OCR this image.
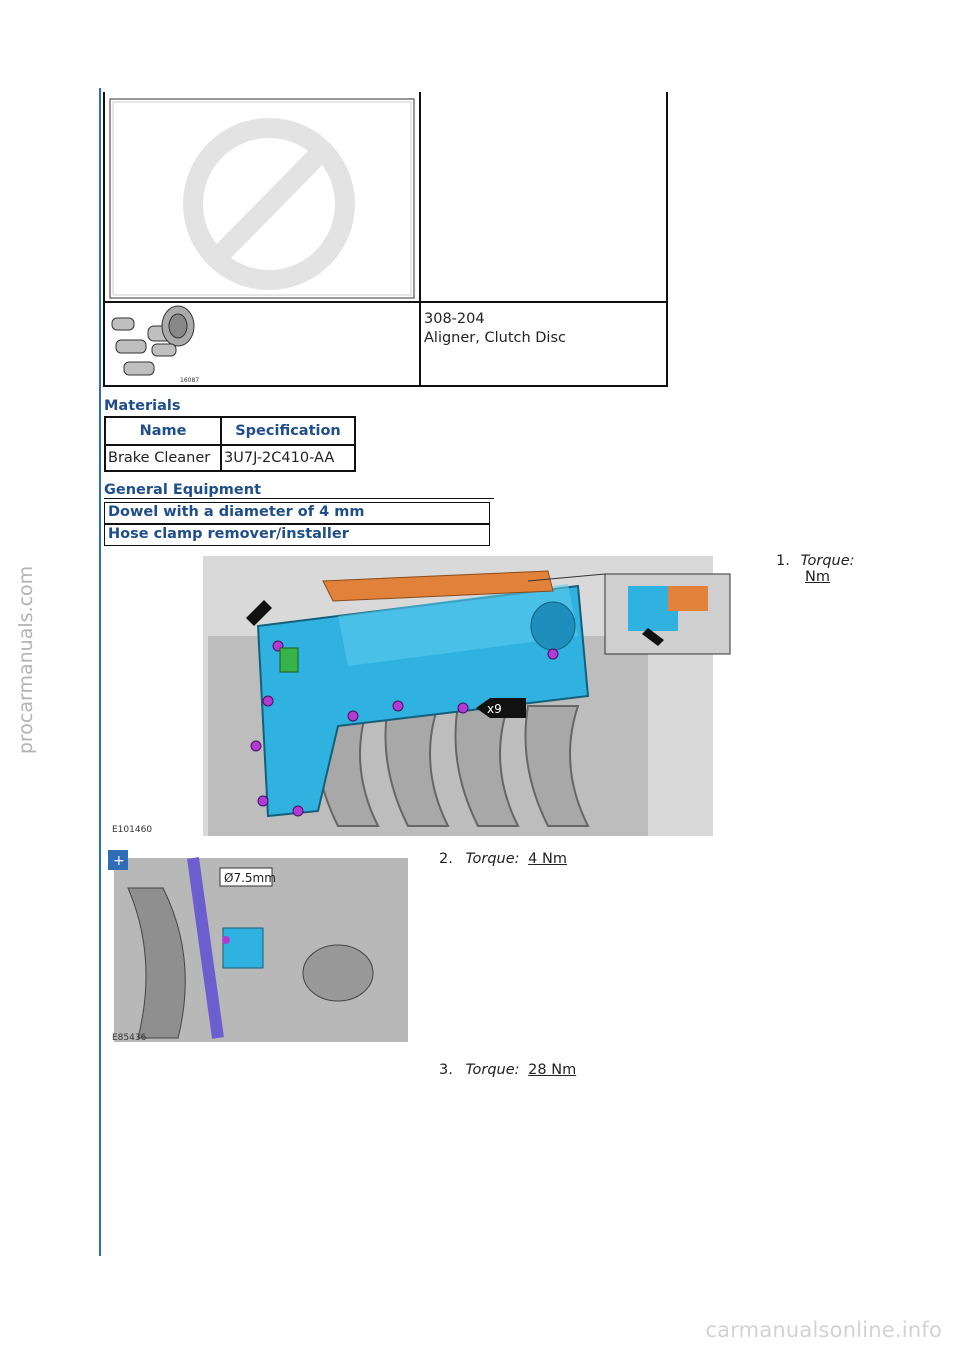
procarmanuals.com
carmanualsonline.info
16087
308-204
Aligner, Clutch Disc
Materials
Name	Specification
Brake Cleaner	3U7J-2C410-AA
General Equipment
Dowel with a diameter of 4 mm
Hose clamp remover/installer
x9
E101460
1. Torque:
Nm
Ø7.5mm
+
E85436
2. Torque: 4 Nm
3. Torque: 28 Nm
